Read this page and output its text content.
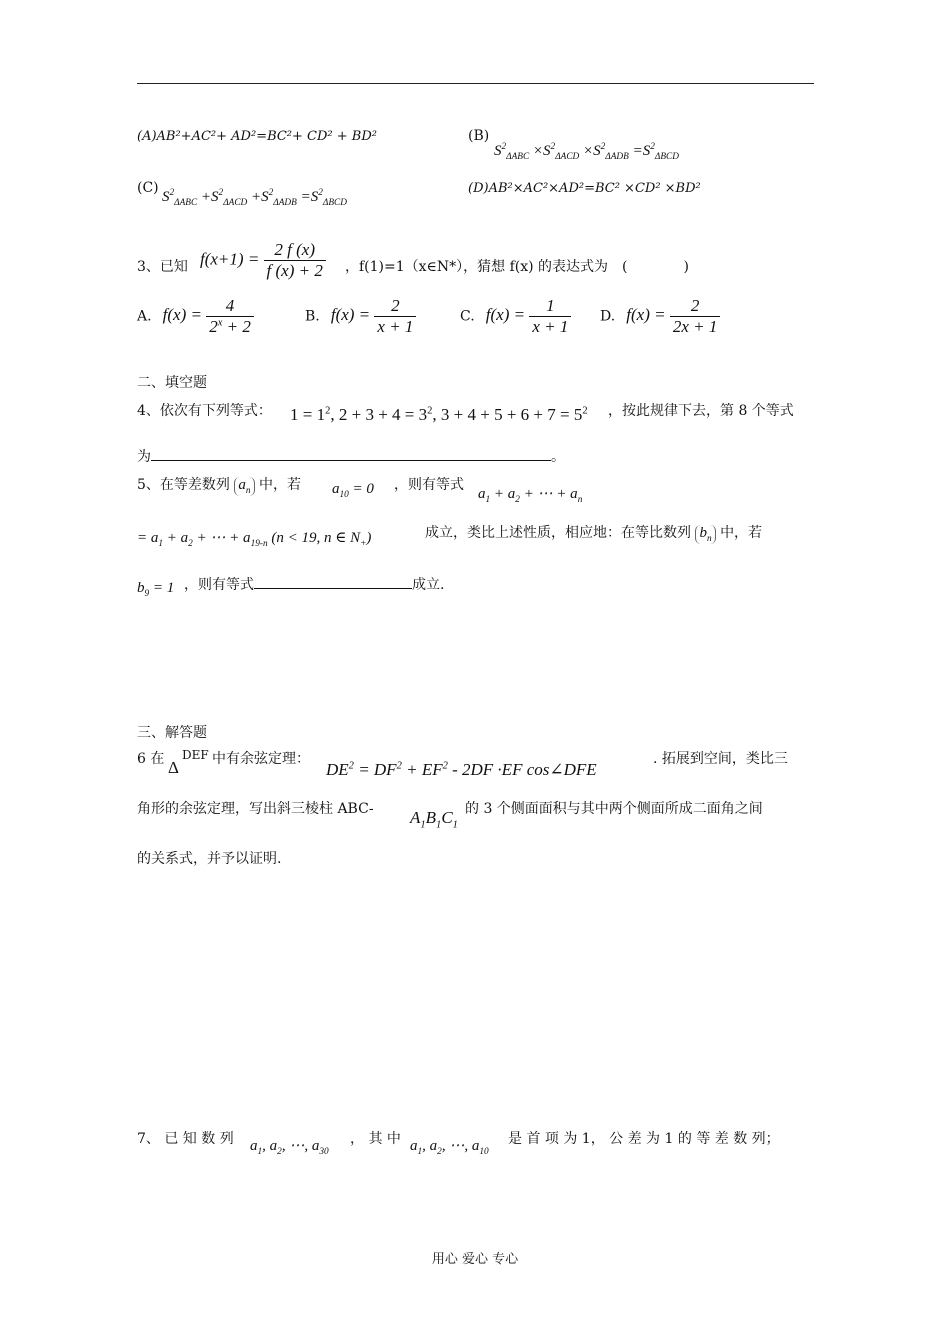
(A)AB²+AC²+ AD²=BC²+ CD² + BD²	(B)
$S^2_{\Delta ABC} \times S^2_{\Delta ACD} \times S^2_{\Delta ADB} =S^2_{\Delta BCD}$
(C)
$S^2_{\Delta ABC} +S^2_{\Delta ACD} +S^2_{\Delta ADB} =S^2_{\Delta BCD}$
(D)AB²×AC²×AD²=BC² ×CD² ×BD²
3、已知 $f(x+1) = \frac{2 f (x)}{f (x) + 2}$ ，f(1)=1（x∈N*），猜想 f(x) 的表达式为　(　　　　)
A. $f(x) = \frac{4}{2^x + 2}$	B. $f(x) = \frac{2}{x + 1}$	C. $f(x) = \frac{1}{x + 1} D$. $f(x) = \frac{2}{2x + 1}$
二、填空题
4、依次有下列等式： $1 = 1^2$, $2 + 3 + 4 = 3^2$, $3 + 4 + 5 + 6 + 7 = 5^2$ ，按此规律下去，第 8 个等式
为	。
5、在等差数列 $a_n$ 中，若 $a_{10} = 0$ ，则有等式
$a_1 + a_2$ + ⋯ + $a_n$
= $a_1 + a_2$ + ⋯ + $a_{19-n}$ (n < 19, n ∈ $N_+$)	成立，类比上述性质，相应地：在等比数列 $b_n$ 中，若
$b_9 = 1$ ，则有等式	成立.
三、解答题
6 在 Δ
DEF 中有余弦定理：
$DE^2 = DF^2 + EF^2 - 2DF \cdot EF$ cos∠DFE
. 拓展到空间，类比三
角形的余弦定理，写出斜三棱柱 ABC- $A_1B_1C_1$
的 3 个侧面面积与其中两个侧面所成二面角之间
的关系式，并予以证明.
7、 已 知 数 列 $a_1$, $a_2$, ⋯, $a_{30}$
， 其 中 $a_1$, $a_2$, ⋯, $a_{10}$
是 首 项 为 1， 公 差 为 1 的 等 差 数 列；
用心 爱心 专心
